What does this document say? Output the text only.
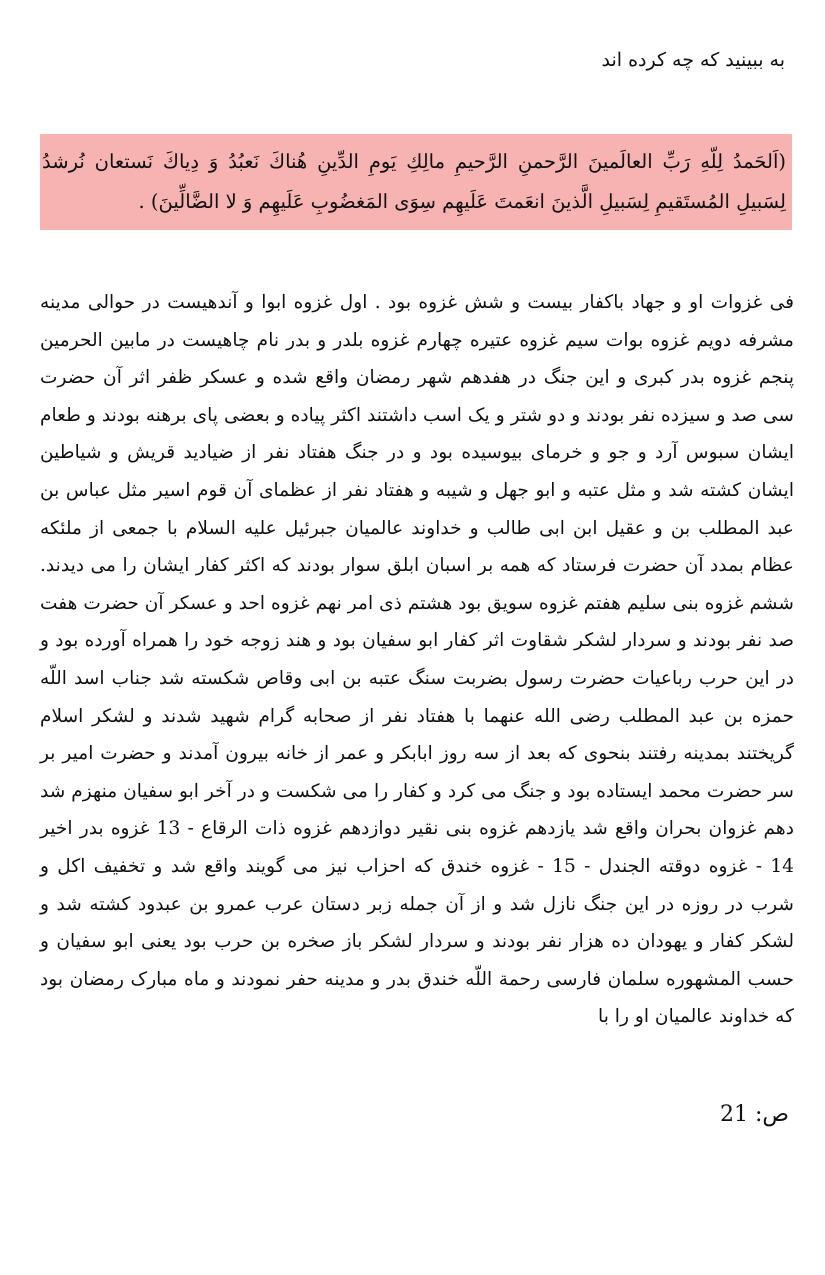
به ببینید که چه کرده اند

(اَلحَمدُ لِلّهِ رَبِّ العالَمینَ الرَّحمنِ الرَّحیمِ مالِكِ یَومِ الدِّینِ هُناكَ نَعبُدُ وَ دِیاكَ نَستعان نُرشدُ لِسَبیلِ المُستَقیمِ لِسَبیلِ الَّذینَ انعَمتَ عَلَیهِم سِوَی المَغضُوبِ عَلَیهِم وَ لا الضَّالِّینَ) .

فی غزوات او و جهاد باکفار بیست و شش غزوه بود . اول غزوه ابوا و آندهیست در حوالی مدینه مشرفه دویم غزوه بوات سیم غزوه عتیره چهارم غزوه بلدر و بدر نام چاهیست در مابین الحرمین پنجم غزوه بدر کبری و این جنگ در هفدهم شهر رمضان واقع شده و عسکر ظفر اثر آن حضرت سی صد و سیزده نفر بودند و دو شتر و یک اسب داشتند اکثر پیاده و بعضی پای برهنه بودند و طعام ایشان سبوس آرد و جو و خرمای بیوسیده بود و در جنگ هفتاد نفر از ضیادید قریش و شیاطین ایشان کشته شد و مثل عتبه و ابو جهل و شیبه و هفتاد نفر از عظمای آن قوم اسیر مثل عباس بن عبد المطلب بن و عقیل ابن ابی طالب و خداوند عالمیان جبرئیل علیه السلام با جمعی از ملئکه عظام بمدد آن حضرت فرستاد که همه بر اسبان ابلق سوار بودند که اکثر کفار ایشان را می دیدند. ششم غزوه بنی سلیم هفتم غزوه سویق بود هشتم ذی امر نهم غزوه احد و عسکر آن حضرت هفت صد نفر بودند و سردار لشکر شقاوت اثر کفار ابو سفیان بود و هند زوجه خود را همراه آورده بود و در این حرب رباعیات حضرت رسول بضربت سنگ عتبه بن ابی وقاص شکسته شد جناب اسد اللّه حمزه بن عبد المطلب رضی الله عنهما با هفتاد نفر از صحابه گرام شهید شدند و لشکر اسلام گریختند بمدینه رفتند بنحوی که بعد از سه روز ابابکر و عمر از خانه بیرون آمدند و حضرت امیر بر سر حضرت محمد ایستاده بود و جنگ می کرد و کفار را می شکست و در آخر ابو سفیان منهزم شد دهم غزوان بحران واقع شد یازدهم غزوه بنی نقیر دوازدهم غزوه ذات الرقاع - 13 غزوه بدر اخیر 14 - غزوه دوقته الجندل - 15 - غزوه خندق که احزاب نیز می گویند واقع شد و تخفیف اکل و شرب در روزه در این جنگ نازل شد و از آن جمله زبر دستان عرب عمرو بن عبدود کشته شد و لشکر کفار و یهودان ده هزار نفر بودند و سردار لشکر باز صخره بن حرب بود یعنی ابو سفیان و حسب المشهوره سلمان فارسی رحمة اللّه خندق بدر و مدینه حفر نمودند و ماه مبارک رمضان بود که خداوند عالمیان او را با

ص: 21
